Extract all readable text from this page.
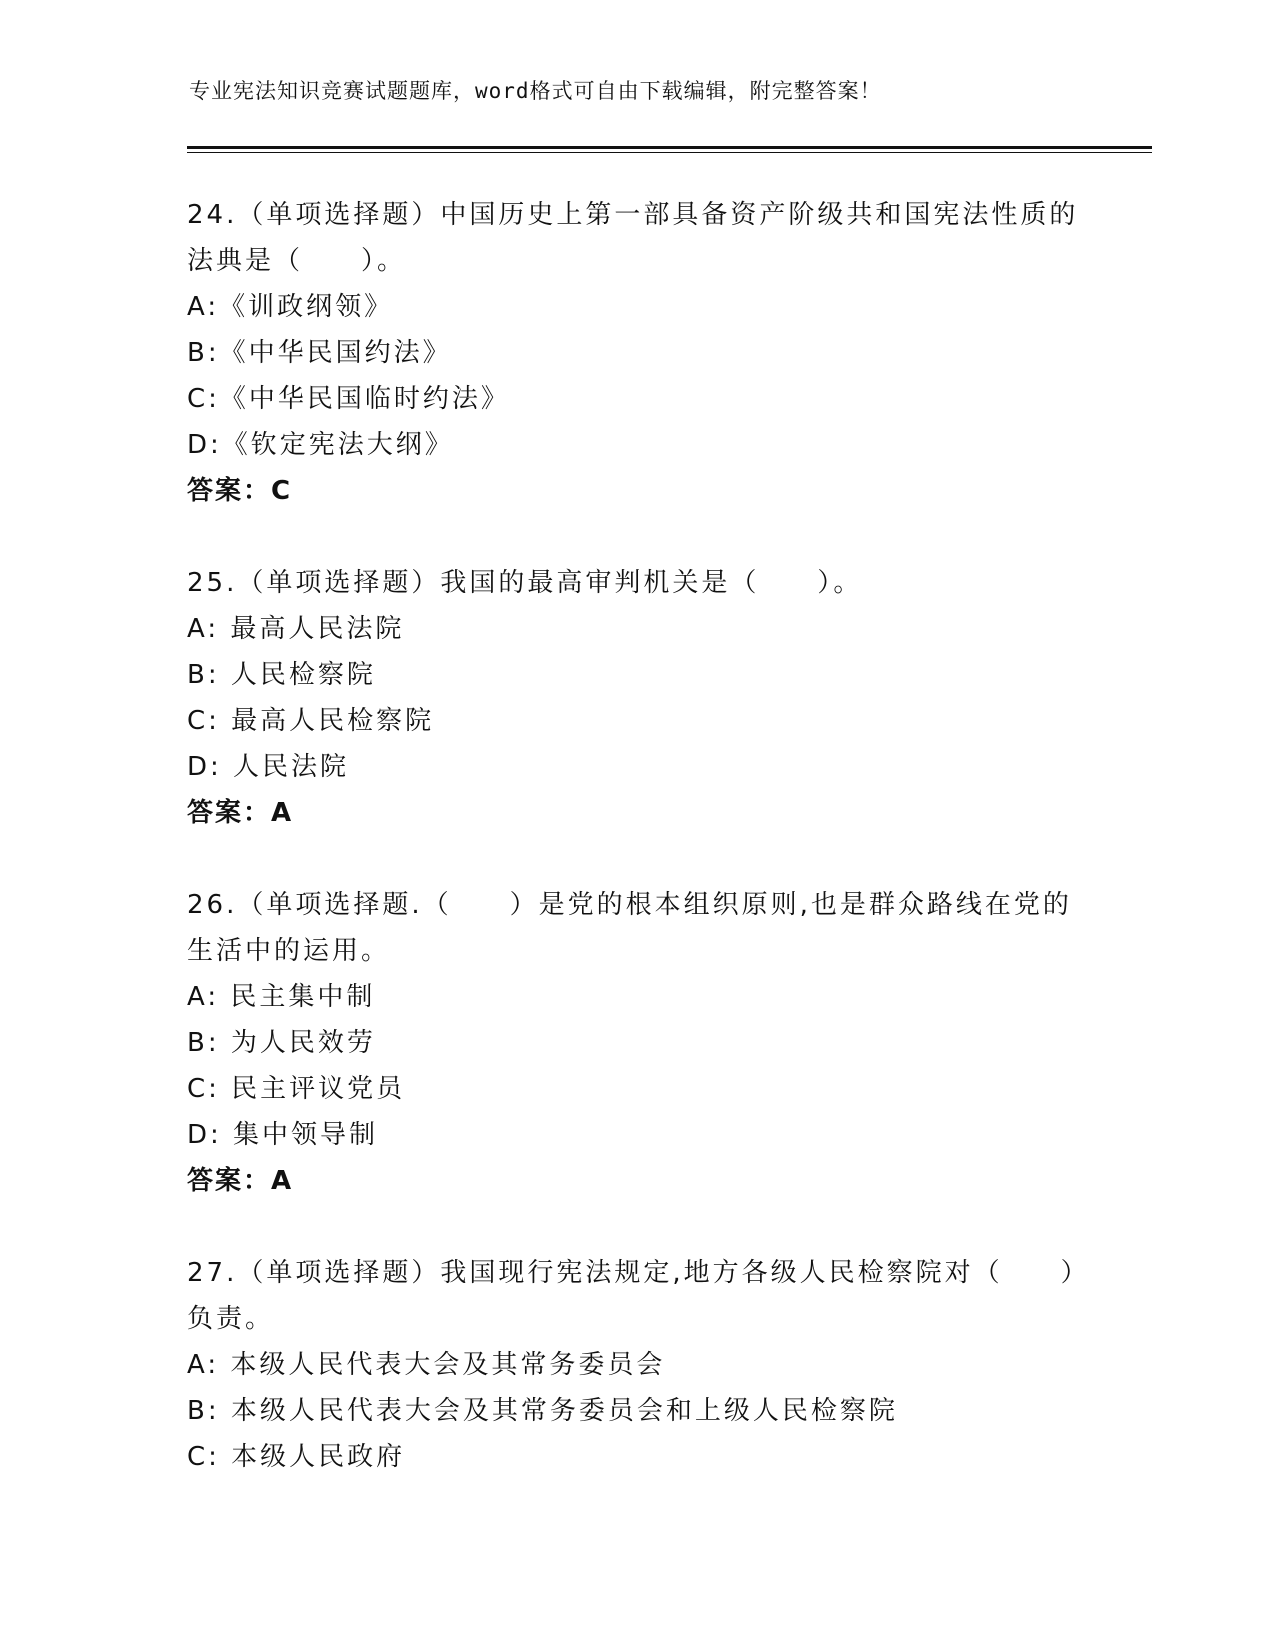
专业宪法知识竞赛试题题库，word格式可自由下载编辑，附完整答案！
24.（单项选择题）中国历史上第一部具备资产阶级共和国宪法性质的
法典是（　　）。
A:《训政纲领》
B:《中华民国约法》
C:《中华民国临时约法》
D:《钦定宪法大纲》
答案：C
25.（单项选择题）我国的最高审判机关是（　　）。
A: 最高人民法院
B: 人民检察院
C: 最高人民检察院
D: 人民法院
答案：A
26.（单项选择题.（　　）是党的根本组织原则,也是群众路线在党的
生活中的运用。
A: 民主集中制
B: 为人民效劳
C: 民主评议党员
D: 集中领导制
答案：A
27.（单项选择题）我国现行宪法规定,地方各级人民检察院对（　　）
负责。
A: 本级人民代表大会及其常务委员会
B: 本级人民代表大会及其常务委员会和上级人民检察院
C: 本级人民政府
